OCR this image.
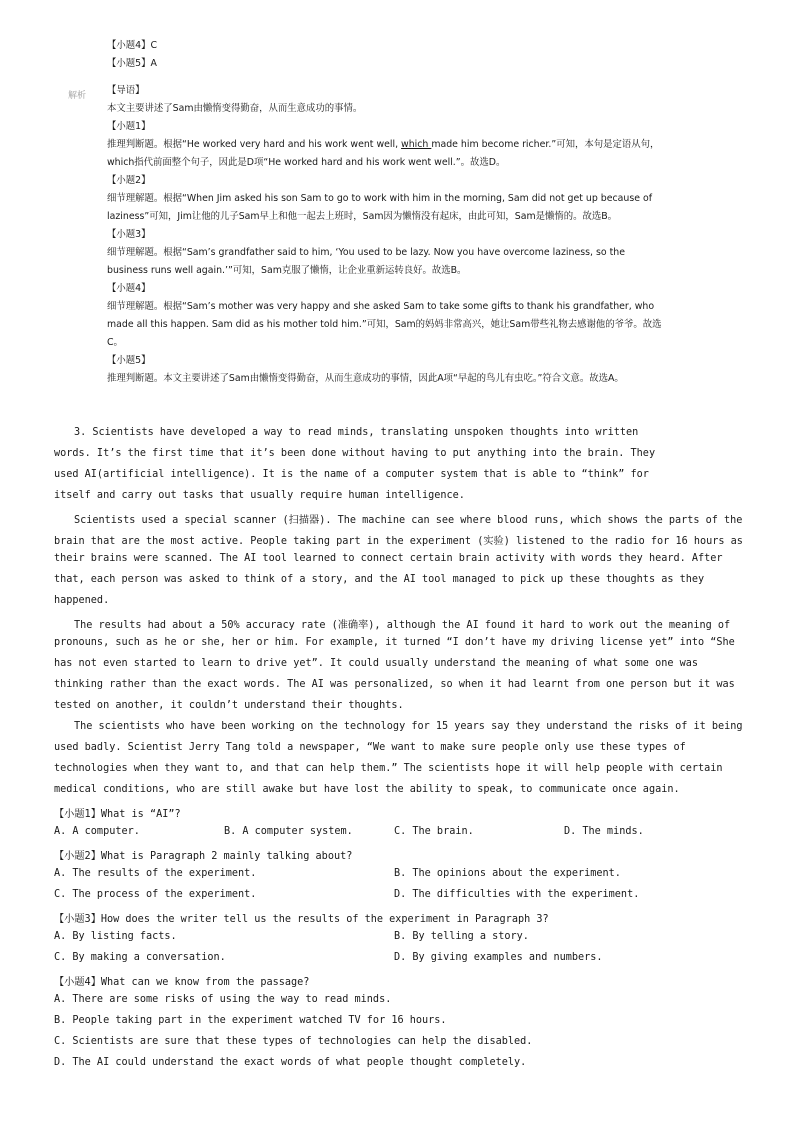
【小题4】C
【小题5】A
解析 【导语】
本文主要讲述了Sam由懒惰变得勤奋，从而生意成功的事情。
【小题1】
推理判断题。根据“He worked very hard and his work went well, which made him become richer.”可知，本句是定语从句，
which指代前面整个句子，因此是D项“He worked hard and his work went well.”。故选D。
【小题2】
细节理解题。根据“When Jim asked his son Sam to go to work with him in the morning, Sam did not get up because of
laziness”可知，Jim让他的儿子Sam早上和他一起去上班时，Sam因为懒惰没有起床，由此可知，Sam是懒惰的。故选B。
【小题3】
细节理解题。根据“Sam’s grandfather said to him, ‘You used to be lazy. Now you have overcome laziness, so the
business runs well again.’”可知，Sam克服了懒惰，让企业重新运转良好。故选B。
【小题4】
细节理解题。根据“Sam’s mother was very happy and she asked Sam to take some gifts to thank his grandfather, who
made all this happen. Sam did as his mother told him.”可知，Sam的妈妈非常高兴，她让Sam带些礼物去感谢他的爷爷。故选
C。
【小题5】
推理判断题。本文主要讲述了Sam由懒惰变得勤奋，从而生意成功的事情，因此A项“早起的鸟儿有虫吃。”符合文意。故选A。
3. Scientists have developed a way to read minds, translating unspoken thoughts into written
words. It’s the first time that it’s been done without having to put anything into the brain. They
used AI(artificial intelligence). It is the name of a computer system that is able to “think” for
itself and carry out tasks that usually require human intelligence.
Scientists used a special scanner (扫描器). The machine can see where blood runs, which shows the parts of the
brain that are the most active. People taking part in the experiment (实验) listened to the radio for 16 hours as
their brains were scanned. The AI tool learned to connect certain brain activity with words they heard. After
that, each person was asked to think of a story, and the AI tool managed to pick up these thoughts as they
happened.
The results had about a 50% accuracy rate (准确率), although the AI found it hard to work out the meaning of
pronouns, such as he or she, her or him. For example, it turned “I don’t have my driving license yet” into “She
has not even started to learn to drive yet”. It could usually understand the meaning of what some one was
thinking rather than the exact words. The AI was personalized, so when it had learnt from one person but it was
tested on another, it couldn’t understand their thoughts.
The scientists who have been working on the technology for 15 years say they understand the risks of it being
used badly. Scientist Jerry Tang told a newspaper, “We want to make sure people only use these types of
technologies when they want to, and that can help them.” The scientists hope it will help people with certain
medical conditions, who are still awake but have lost the ability to speak, to communicate once again.
【小题1】What is “AI”?
A. A computer.	B. A computer system.	C. The brain.	D. The minds.
【小题2】What is Paragraph 2 mainly talking about?
A. The results of the experiment.	B. The opinions about the experiment.
C. The process of the experiment.	D. The difficulties with the experiment.
【小题3】How does the writer tell us the results of the experiment in Paragraph 3?
A. By listing facts.	B. By telling a story.
C. By making a conversation.	D. By giving examples and numbers.
【小题4】What can we know from the passage?
A. There are some risks of using the way to read minds.
B. People taking part in the experiment watched TV for 16 hours.
C. Scientists are sure that these types of technologies can help the disabled.
D. The AI could understand the exact words of what people thought completely.
